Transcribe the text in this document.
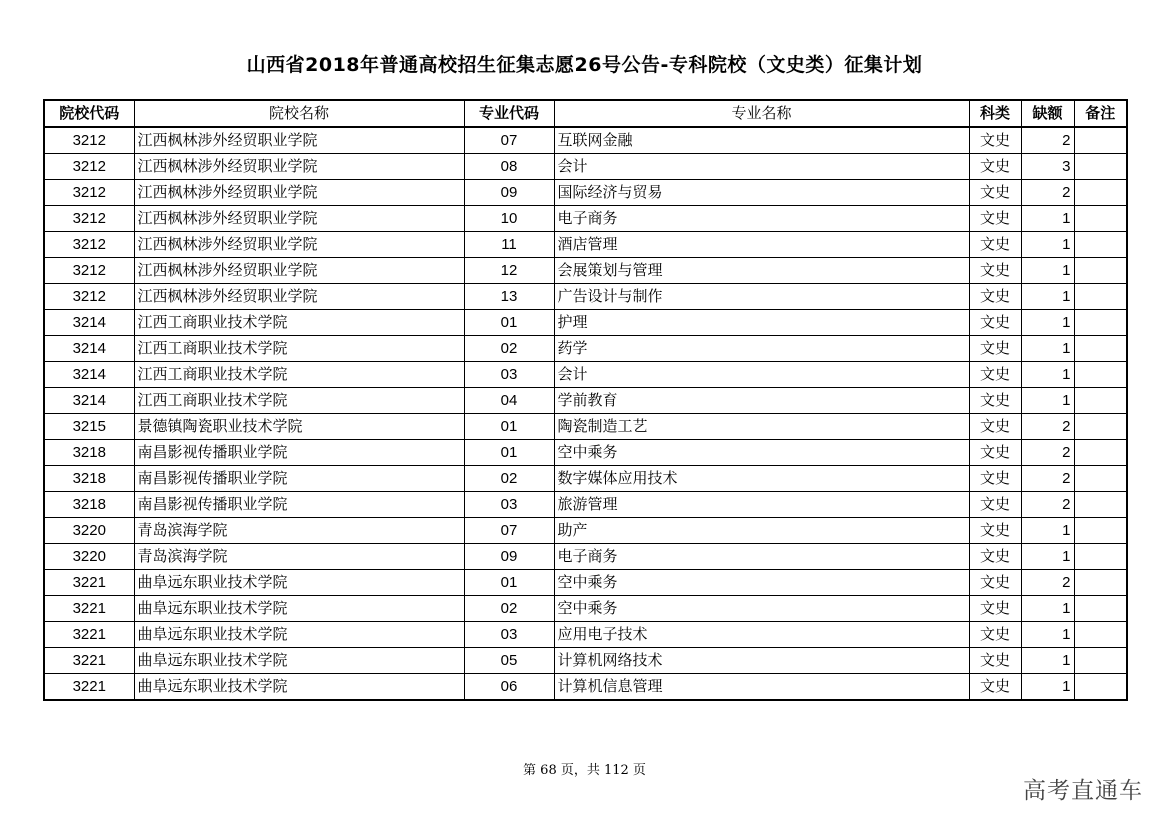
山西省2018年普通高校招生征集志愿26号公告-专科院校（文史类）征集计划
院校代码	院校名称	专业代码	专业名称	科类	缺额	备注
3212	江西枫林涉外经贸职业学院	07	互联网金融	文史	2	
3212	江西枫林涉外经贸职业学院	08	会计	文史	3	
3212	江西枫林涉外经贸职业学院	09	国际经济与贸易	文史	2	
3212	江西枫林涉外经贸职业学院	10	电子商务	文史	1	
3212	江西枫林涉外经贸职业学院	11	酒店管理	文史	1	
3212	江西枫林涉外经贸职业学院	12	会展策划与管理	文史	1	
3212	江西枫林涉外经贸职业学院	13	广告设计与制作	文史	1	
3214	江西工商职业技术学院	01	护理	文史	1	
3214	江西工商职业技术学院	02	药学	文史	1	
3214	江西工商职业技术学院	03	会计	文史	1	
3214	江西工商职业技术学院	04	学前教育	文史	1	
3215	景德镇陶瓷职业技术学院	01	陶瓷制造工艺	文史	2	
3218	南昌影视传播职业学院	01	空中乘务	文史	2	
3218	南昌影视传播职业学院	02	数字媒体应用技术	文史	2	
3218	南昌影视传播职业学院	03	旅游管理	文史	2	
3220	青岛滨海学院	07	助产	文史	1	
3220	青岛滨海学院	09	电子商务	文史	1	
3221	曲阜远东职业技术学院	01	空中乘务	文史	2	
3221	曲阜远东职业技术学院	02	空中乘务	文史	1	
3221	曲阜远东职业技术学院	03	应用电子技术	文史	1	
3221	曲阜远东职业技术学院	05	计算机网络技术	文史	1	
3221	曲阜远东职业技术学院	06	计算机信息管理	文史	1	
第 68 页，共 112 页
高考直通车
